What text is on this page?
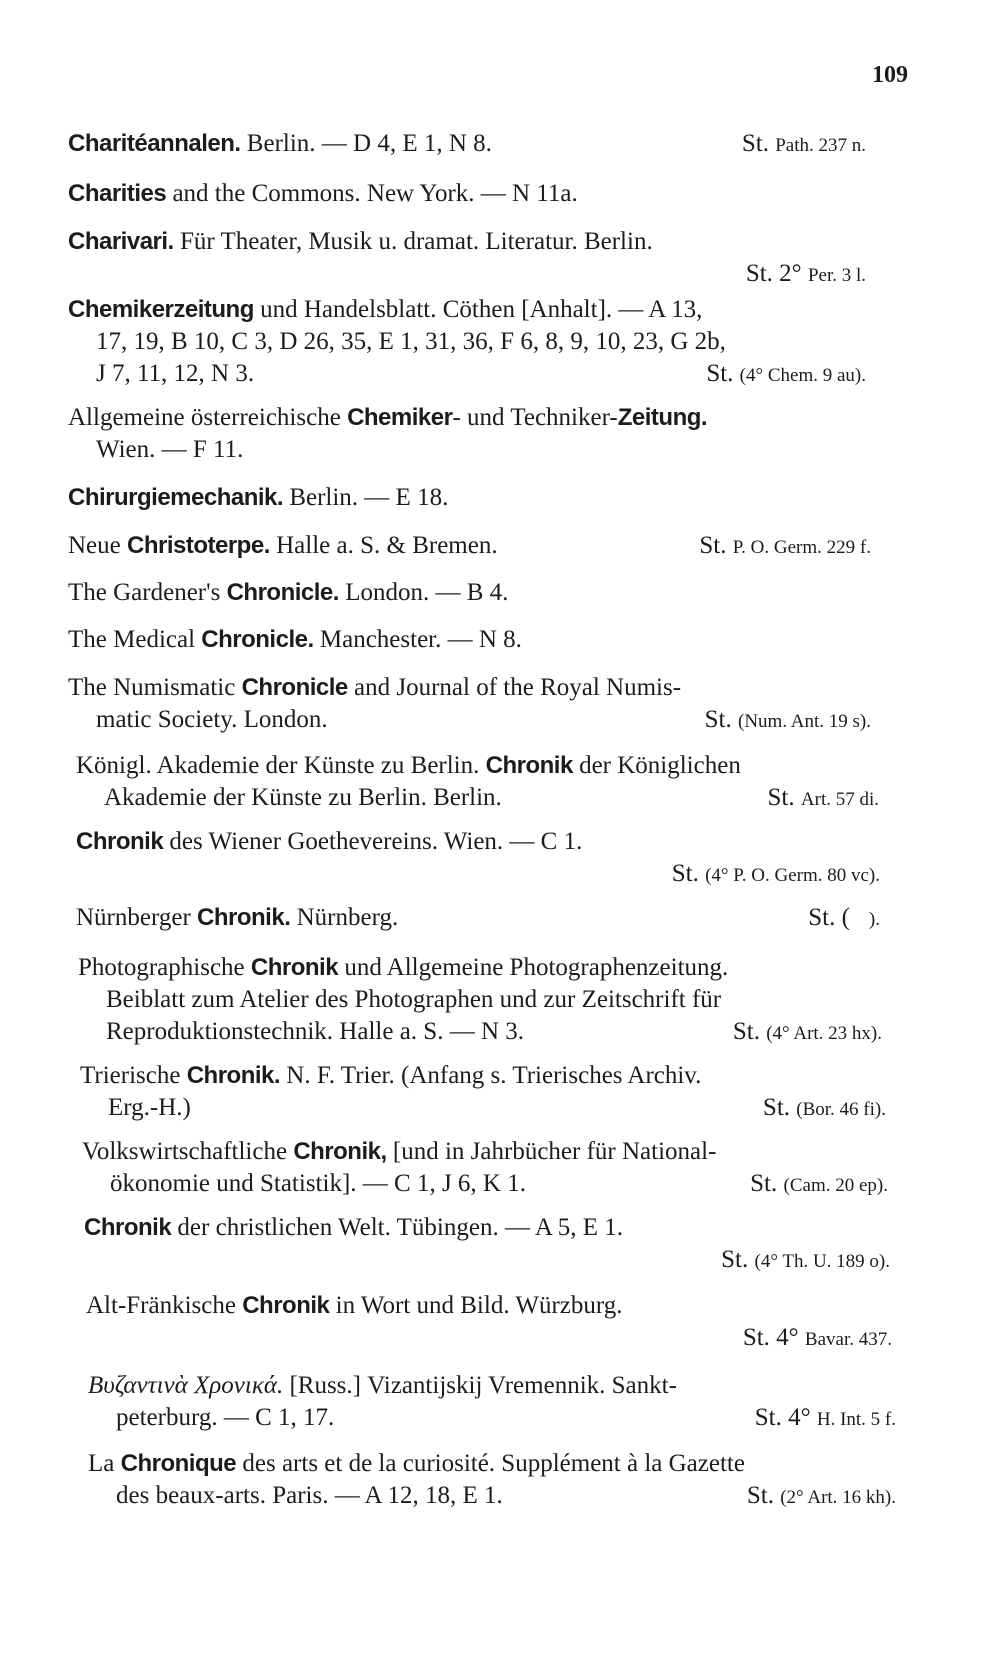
109
Charitéannalen. Berlin. — D 4, E 1, N 8.	St. Path. 237 n.
Charities and the Commons. New York. — N 11a.
Charivari. Für Theater, Musik u. dramat. Literatur. Berlin.
St. 2° Per. 3 l.
Chemikerzeitung und Handelsblatt. Cöthen [Anhalt]. — A 13,
17, 19, B 10, C 3, D 26, 35, E 1, 31, 36, F 6, 8, 9, 10, 23, G 2b,
J 7, 11, 12, N 3.	St. (4° Chem. 9 au).
Allgemeine österreichische Chemiker- und Techniker-Zeitung.
Wien. — F 11.
Chirurgiemechanik. Berlin. — E 18.
Neue Christoterpe. Halle a. S. & Bremen.	St. P. O. Germ. 229 f.
The Gardener's Chronicle. London. — B 4.
The Medical Chronicle. Manchester. — N 8.
The Numismatic Chronicle and Journal of the Royal Numis-
matic Society. London.	St. (Num. Ant. 19 s).
Königl. Akademie der Künste zu Berlin. Chronik der Königlichen
Akademie der Künste zu Berlin. Berlin.	St. Art. 57 di.
Chronik des Wiener Goethevereins. Wien. — C 1.
St. (4° P. O. Germ. 80 vc).
Nürnberger Chronik. Nürnberg.	St. (    ).
Photographische Chronik und Allgemeine Photographenzeitung.
Beiblatt zum Atelier des Photographen und zur Zeitschrift für
Reproduktionstechnik. Halle a. S. — N 3.	St. (4° Art. 23 hx).
Trierische Chronik. N. F. Trier. (Anfang s. Trierisches Archiv.
Erg.-H.)	St. (Bor. 46 fi).
Volkswirtschaftliche Chronik, [und in Jahrbücher für National-
ökonomie und Statistik]. — C 1, J 6, K 1.	St. (Cam. 20 ep).
Chronik der christlichen Welt. Tübingen. — A 5, E 1.
St. (4° Th. U. 189 o).
Alt-Fränkische Chronik in Wort und Bild. Würzburg.
St. 4° Bavar. 437.
Βυζαντινὰ Χρονικά. [Russ.] Vizantijskij Vremennik. Sankt-
peterburg. — C 1, 17.	St. 4° H. Int. 5 f.
La Chronique des arts et de la curiosité. Supplément à la Gazette
des beaux-arts. Paris. — A 12, 18, E 1.	St. (2° Art. 16 kh).
